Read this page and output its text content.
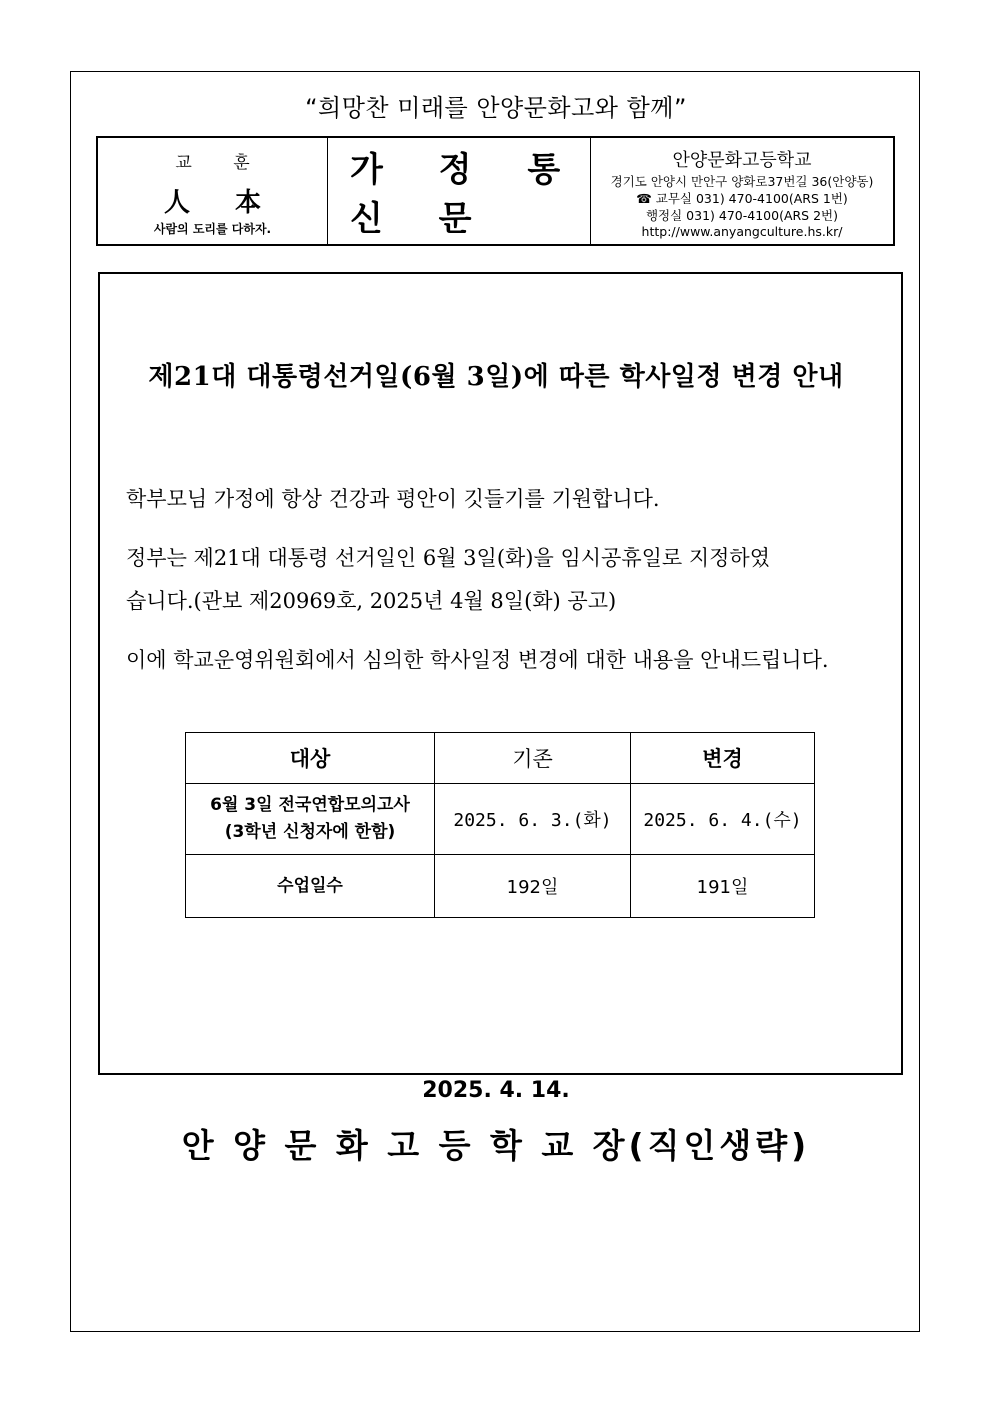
“희망찬 미래를 안양문화고와 함께”
교 훈
人 本
사람의 도리를 다하자.
가 정 통 신 문
안양문화고등학교
경기도 안양시 만안구 양화로37번길 36(안양동)
☎ 교무실 031) 470-4100(ARS 1번)
행정실 031) 470-4100(ARS 2번)
http://www.anyangculture.hs.kr/
제21대 대통령선거일(6월 3일)에 따른 학사일정 변경 안내
학부모님 가정에 항상 건강과 평안이 깃들기를 기원합니다.
정부는 제21대 대통령 선거일인 6월 3일(화)을 임시공휴일로 지정하였
습니다.(관보 제20969호, 2025년 4월 8일(화) 공고)
이에 학교운영위원회에서 심의한 학사일정 변경에 대한 내용을 안내드립니다.
대상	기존	변경

6월 3일 전국연합모의고사
(3학년 신청자에 한함)	2025. 6. 3.(화)	2025. 6. 4.(수)
수업일수	192일	191일
2025. 4. 14.
안 양 문 화 고 등 학 교 장(직인생략)
